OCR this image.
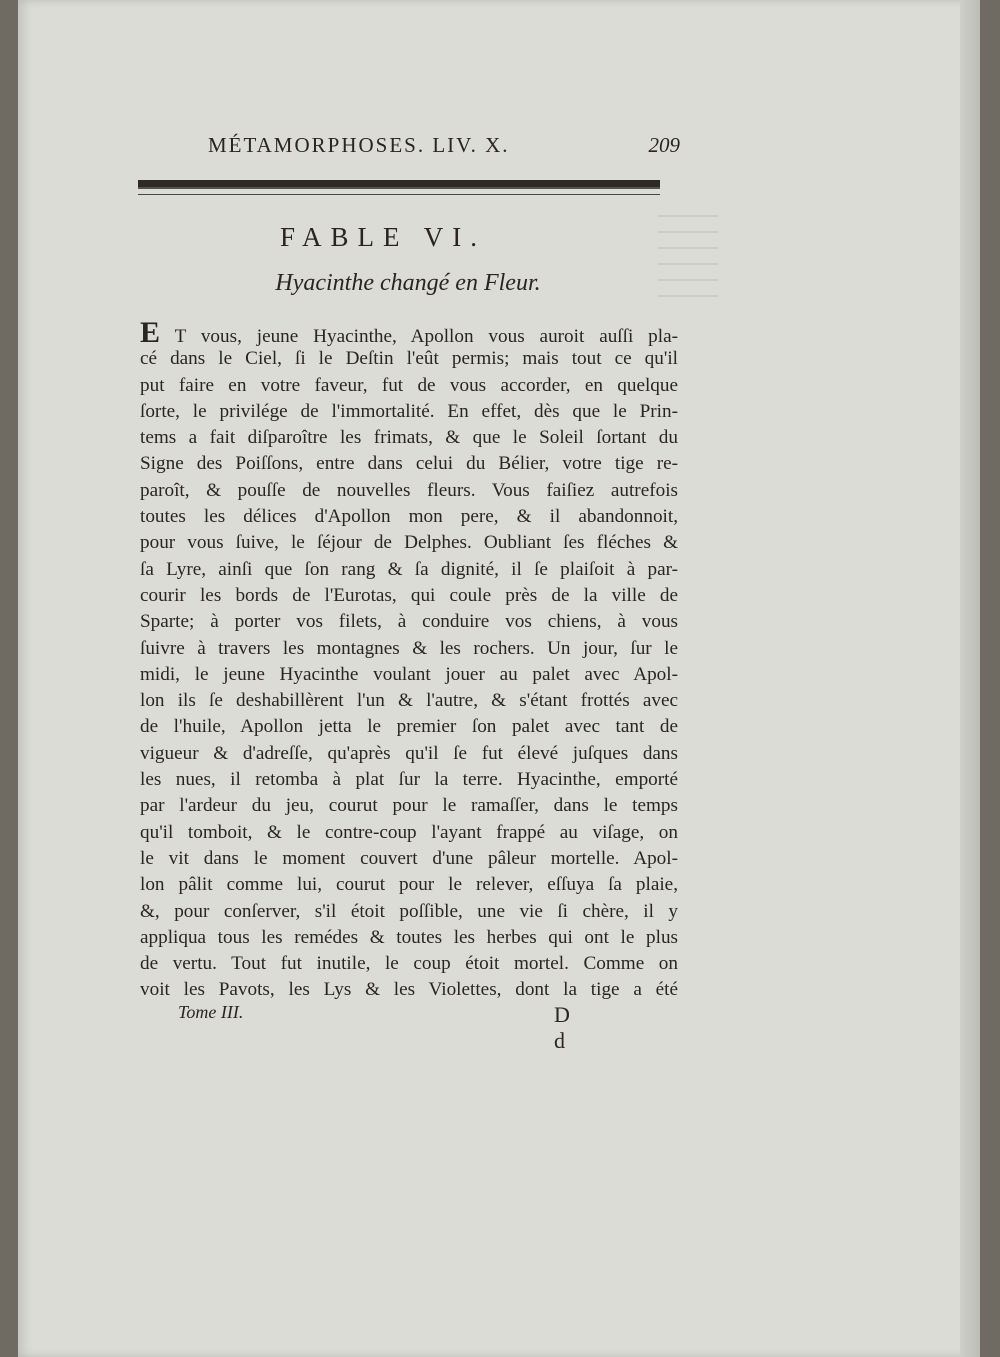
MÉTAMORPHOSES. LIV. X.	209
FABLE VI.
Hyacinthe changé en Fleur.
E T vous, jeune Hyacinthe, Apollon vous auroit auſſi pla-
cé dans le Ciel, ſi le Deſtin l'eût permis; mais tout ce qu'il
put faire en votre faveur, fut de vous accorder, en quelque
ſorte, le privilége de l'immortalité. En effet, dès que le Prin-
tems a fait diſparoître les frimats, & que le Soleil ſortant du
Signe des Poiſſons, entre dans celui du Bélier, votre tige re-
paroît, & pouſſe de nouvelles fleurs. Vous faiſiez autrefois
toutes les délices d'Apollon mon pere, & il abandonnoit,
pour vous ſuive, le ſéjour de Delphes. Oubliant ſes fléches &
ſa Lyre, ainſi que ſon rang & ſa dignité, il ſe plaiſoit à par-
courir les bords de l'Eurotas, qui coule près de la ville de
Sparte; à porter vos filets, à conduire vos chiens, à vous
ſuivre à travers les montagnes & les rochers. Un jour, ſur le
midi, le jeune Hyacinthe voulant jouer au palet avec Apol-
lon ils ſe deshabillèrent l'un & l'autre, & s'étant frottés avec
de l'huile, Apollon jetta le premier ſon palet avec tant de
vigueur & d'adreſſe, qu'après qu'il ſe fut élevé juſques dans
les nues, il retomba à plat ſur la terre. Hyacinthe, emporté
par l'ardeur du jeu, courut pour le ramaſſer, dans le temps
qu'il tomboit, & le contre-coup l'ayant frappé au viſage, on
le vit dans le moment couvert d'une pâleur mortelle. Apol-
lon pâlit comme lui, courut pour le relever, eſſuya ſa plaie,
&, pour conſerver, s'il étoit poſſible, une vie ſi chère, il y
appliqua tous les remédes & toutes les herbes qui ont le plus
de vertu. Tout fut inutile, le coup étoit mortel. Comme on
voit les Pavots, les Lys & les Violettes, dont la tige a été
Tome III.	D d
